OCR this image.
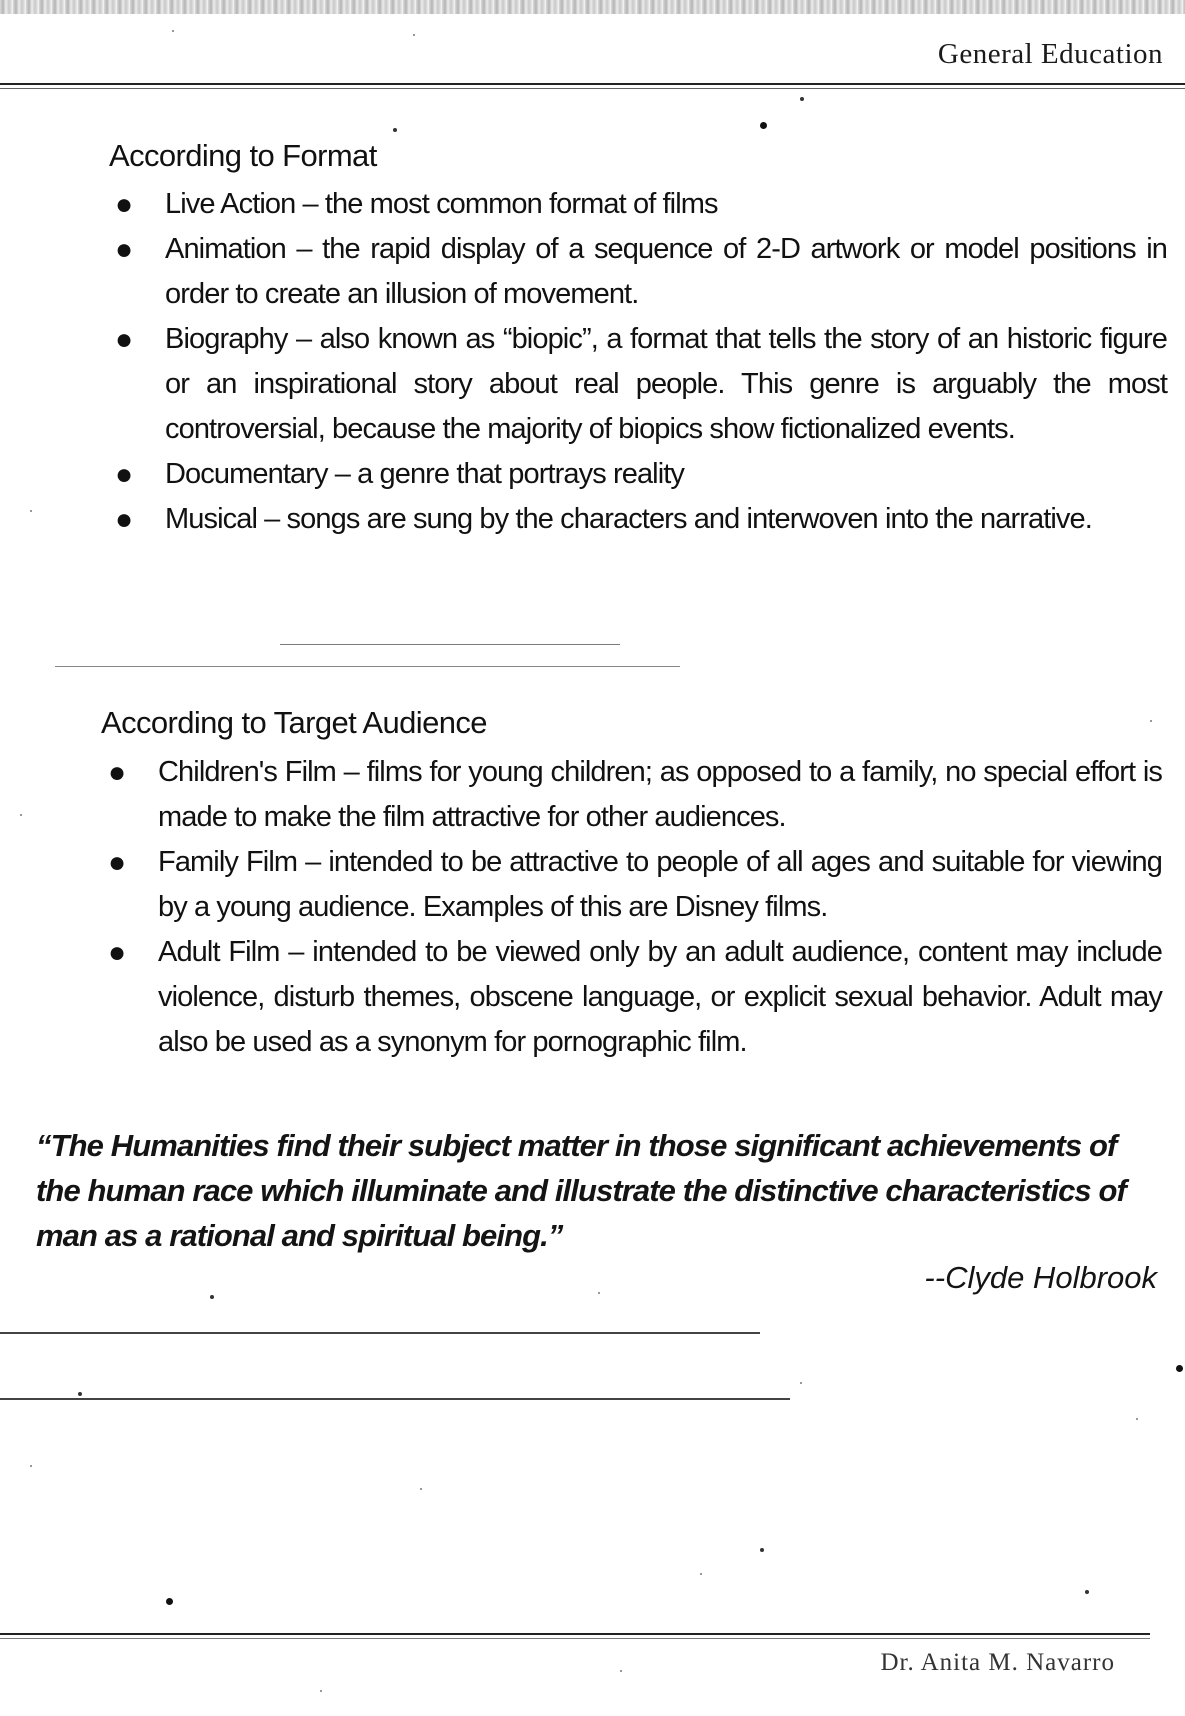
General Education
According to Format
● Live Action – the most common format of films
● Animation – the rapid display of a sequence of 2-D artwork or model positions in order to create an illusion of movement.
● Biography – also known as “biopic”, a format that tells the story of an historic figure or an inspirational story about real people. This genre is arguably the most controversial, because the majority of biopics show fictionalized events.
● Documentary – a genre that portrays reality
● Musical – songs are sung by the characters and interwoven into the narrative.
According to Target Audience
● Children's Film – films for young children; as opposed to a family, no special effort is made to make the film attractive for other audiences.
● Family Film – intended to be attractive to people of all ages and suitable for viewing by a young audience. Examples of this are Disney films.
● Adult Film – intended to be viewed only by an adult audience, content may include violence, disturb themes, obscene language, or explicit sexual behavior. Adult may also be used as a synonym for pornographic film.
“The Humanities find their subject matter in those significant achievements of the human race which illuminate and illustrate the distinctive characteristics of man as a rational and spiritual being.”
--Clyde Holbrook
Dr. Anita M. Navarro
